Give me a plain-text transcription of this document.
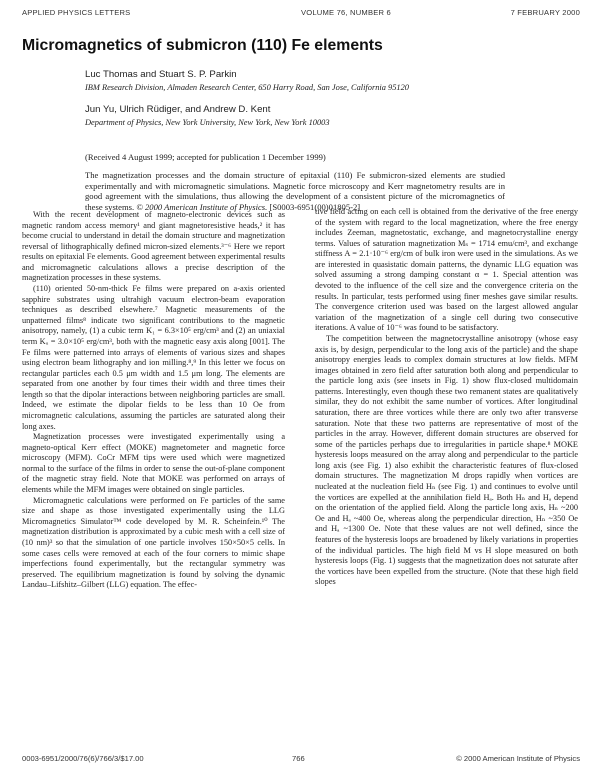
APPLIED PHYSICS LETTERS	VOLUME 76, NUMBER 6	7 FEBRUARY 2000
Micromagnetics of submicron (110) Fe elements
Luc Thomas and Stuart S. P. Parkin
IBM Research Division, Almaden Research Center, 650 Harry Road, San Jose, California 95120
Jun Yu, Ulrich Rüdiger, and Andrew D. Kent
Department of Physics, New York University, New York, New York 10003
(Received 4 August 1999; accepted for publication 1 December 1999)
The magnetization processes and the domain structure of epitaxial (110) Fe submicron-sized elements are studied experimentally and with micromagnetic simulations. Magnetic force microscopy and Kerr magnetometry results are in good agreement with the simulations, thus allowing the development of a consistent picture of the micromagnetics of these systems. © 2000 American Institute of Physics. [S0003-6951(00)01805-2]

With the recent development of magneto-electronic devices such as magnetic random access memory¹ and giant magnetoresistive heads,² it has become crucial to understand in detail the domain structure and magnetization reversal of lithographically defined micron-sized elements.³⁻⁶ Here we report results on epitaxial Fe elements. Good agreement between experimental results and micromagnetic calculations allows a precise description of the magnetization processes in these systems.

(110) oriented 50-nm-thick Fe films were prepared on a-axis oriented sapphire substrates using ultrahigh vacuum electron-beam evaporation techniques as described elsewhere.⁷ Magnetic measurements of the unpatterned films⁸ indicate two significant contributions to the magnetic anisotropy, namely, (1) a cubic term K₁ = 6.3×10⁵ erg/cm³ and (2) an uniaxial term Kᵤ = 3.0×10⁵ erg/cm³, both with the magnetic easy axis along [001]. The Fe films were patterned into arrays of elements of various sizes and shapes using electron beam lithography and ion milling.⁸,⁹ In this letter we focus on rectangular particles each 0.5 μm width and 1.5 μm long. The elements are separated from one another by four times their width and three times their length so that the dipolar interactions between neighboring particles are small. Indeed, we estimate the dipolar fields to be less than 10 Oe from micromagnetic calculations, assuming the particles are saturated along their long axes.

Magnetization processes were investigated experimentally using a magneto-optical Kerr effect (MOKE) magnetometer and magnetic force microscopy (MFM). CoCr MFM tips were used which were magnetized normal to the surface of the films in order to sense the out-of-plane component of the magnetic stray field. Note that MOKE was performed on arrays of elements while the MFM images were obtained on single particles.

Micromagnetic calculations were performed on Fe particles of the same size and shape as those investigated experimentally using the LLG Micromagnetics Simulator™ code developed by M. R. Scheinfein.¹⁰ The magnetization distribution is approximated by a cubic mesh with a cell size of (10 nm)³ so that the simulation of one particle involves 150×50×5 cells. In some cases cells were removed at each of the four corners to mimic shape imperfections found experimentally, but the rectangular symmetry was preserved. The equilibrium magnetization is found by solving the dynamic Landau–Lifshitz–Gilbert (LLG) equation. The effec-

tive field acting on each cell is obtained from the derivative of the free energy of the system with regard to the local magnetization, where the free energy includes Zeeman, magnetostatic, exchange, and magnetocrystalline energy terms. Values of saturation magnetization Mₛ = 1714 emu/cm³, and exchange stiffness A = 2.1·10⁻⁶ erg/cm of bulk iron were used in the simulations. As we are interested in quasistatic domain patterns, the dynamic LLG equation was solved assuming a strong damping constant α = 1. Special attention was devoted to the influence of the cell size and the convergence criteria on the results. In particular, tests performed using finer meshes gave similar results. The convergence criterion used was based on the largest allowed angular variation of the magnetization of a single cell during two consecutive iterations. A value of 10⁻⁶ was found to be satisfactory.

The competition between the magnetocrystalline anisotropy (whose easy axis is, by design, perpendicular to the long axis of the particle) and the shape anisotropy energies leads to complex domain structures at low fields. MFM images obtained in zero field after saturation both along and perpendicular to the particle long axis (see insets in Fig. 1) show flux-closed multidomain patterns. Interestingly, even though these two remanent states are qualitatively similar, they do not exhibit the same number of vortices. After longitudinal saturation, there are three vortices while there are only two after transverse saturation. Note that these two patterns are representative of most of the particles in the array. However, different domain structures are observed for some of the particles perhaps due to irregularities in particle shape.⁸ MOKE hysteresis loops measured on the array along and perpendicular to the particle long axis (see Fig. 1) also exhibit the characteristic features of flux-closed domain structures. The magnetization M drops rapidly when vortices are nucleated at the nucleation field Hₙ (see Fig. 1) and continues to evolve until the vortices are expelled at the annihilation field Hₐ. Both Hₙ and Hₐ depend on the orientation of the applied field. Along the particle long axis, Hₙ ~200 Oe and Hₐ ~400 Oe, whereas along the perpendicular direction, Hₙ ~350 Oe and Hₐ ~1300 Oe. Note that these values are not well defined, since the features of the hysteresis loops are broadened by likely variations in properties of the individual particles. The high field M vs H slope measured on both hysteresis loops (Fig. 1) suggests that the magnetization does not saturate after the vortices have been expelled from the structure. (Note that these high field slopes

0003-6951/2000/76(6)/766/3/$17.00	766	© 2000 American Institute of Physics
